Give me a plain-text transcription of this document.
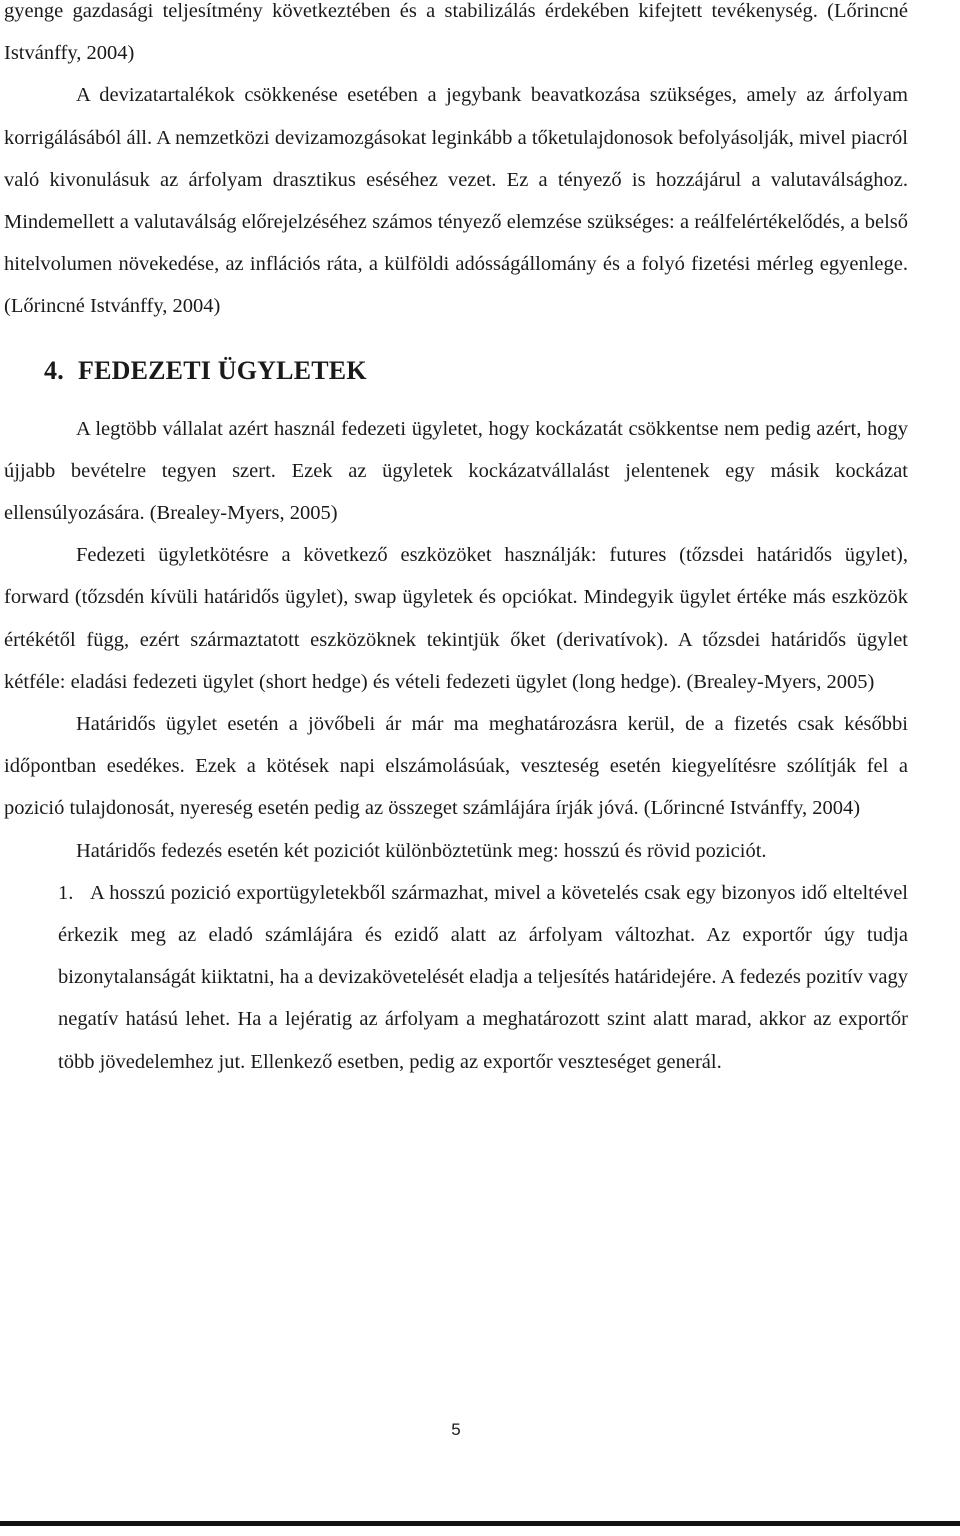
gyenge gazdasági teljesítmény következtében és a stabilizálás érdekében kifejtett tevékenység. (Lőrincné Istvánffy, 2004)

A devizatartalékok csökkenése esetében a jegybank beavatkozása szükséges, amely az árfolyam korrigálásából áll. A nemzetközi devizamozgásokat leginkább a tőketulajdonosok befolyásolják, mivel piacról való kivonulásuk az árfolyam drasztikus eséséhez vezet. Ez a tényező is hozzájárul a valutaválsághoz. Mindemellett a valutaválság előrejelzéséhez számos tényező elemzése szükséges: a reálfelértékelődés, a belső hitelvolumen növekedése, az inflációs ráta, a külföldi adósságállomány és a folyó fizetési mérleg egyenlege. (Lőrincné Istvánffy, 2004)

4. FEDEZETI ÜGYLETEK

A legtöbb vállalat azért használ fedezeti ügyletet, hogy kockázatát csökkentse nem pedig azért, hogy újjabb bevételre tegyen szert. Ezek az ügyletek kockázatvállalást jelentenek egy másik kockázat ellensúlyozására. (Brealey-Myers, 2005)

Fedezeti ügyletkötésre a következő eszközöket használják: futures (tőzsdei határidős ügylet), forward (tőzsdén kívüli határidős ügylet), swap ügyletek és opciókat. Mindegyik ügylet értéke más eszközök értékétől függ, ezért származtatott eszközöknek tekintjük őket (derivatívok). A tőzsdei határidős ügylet kétféle: eladási fedezeti ügylet (short hedge) és vételi fedezeti ügylet (long hedge). (Brealey-Myers, 2005)

Határidős ügylet esetén a jövőbeli ár már ma meghatározásra kerül, de a fizetés csak későbbi időpontban esedékes. Ezek a kötések napi elszámolásúak, veszteség esetén kiegyelítésre szólítják fel a pozició tulajdonosát, nyereség esetén pedig az összeget számlájára írják jóvá. (Lőrincné Istvánffy, 2004)

Határidős fedezés esetén két poziciót különböztetünk meg: hosszú és rövid poziciót.

1. A hosszú pozició exportügyletekből származhat, mivel a követelés csak egy bizonyos idő elteltével érkezik meg az eladó számlájára és ezidő alatt az árfolyam változhat. Az exportőr úgy tudja bizonytalanságát kiiktatni, ha a devizakövetelését eladja a teljesítés határidejére. A fedezés pozitív vagy negatív hatású lehet. Ha a lejératig az árfolyam a meghatározott szint alatt marad, akkor az exportőr több jövedelemhez jut. Ellenkező esetben, pedig az exportőr veszteséget generál.
5
